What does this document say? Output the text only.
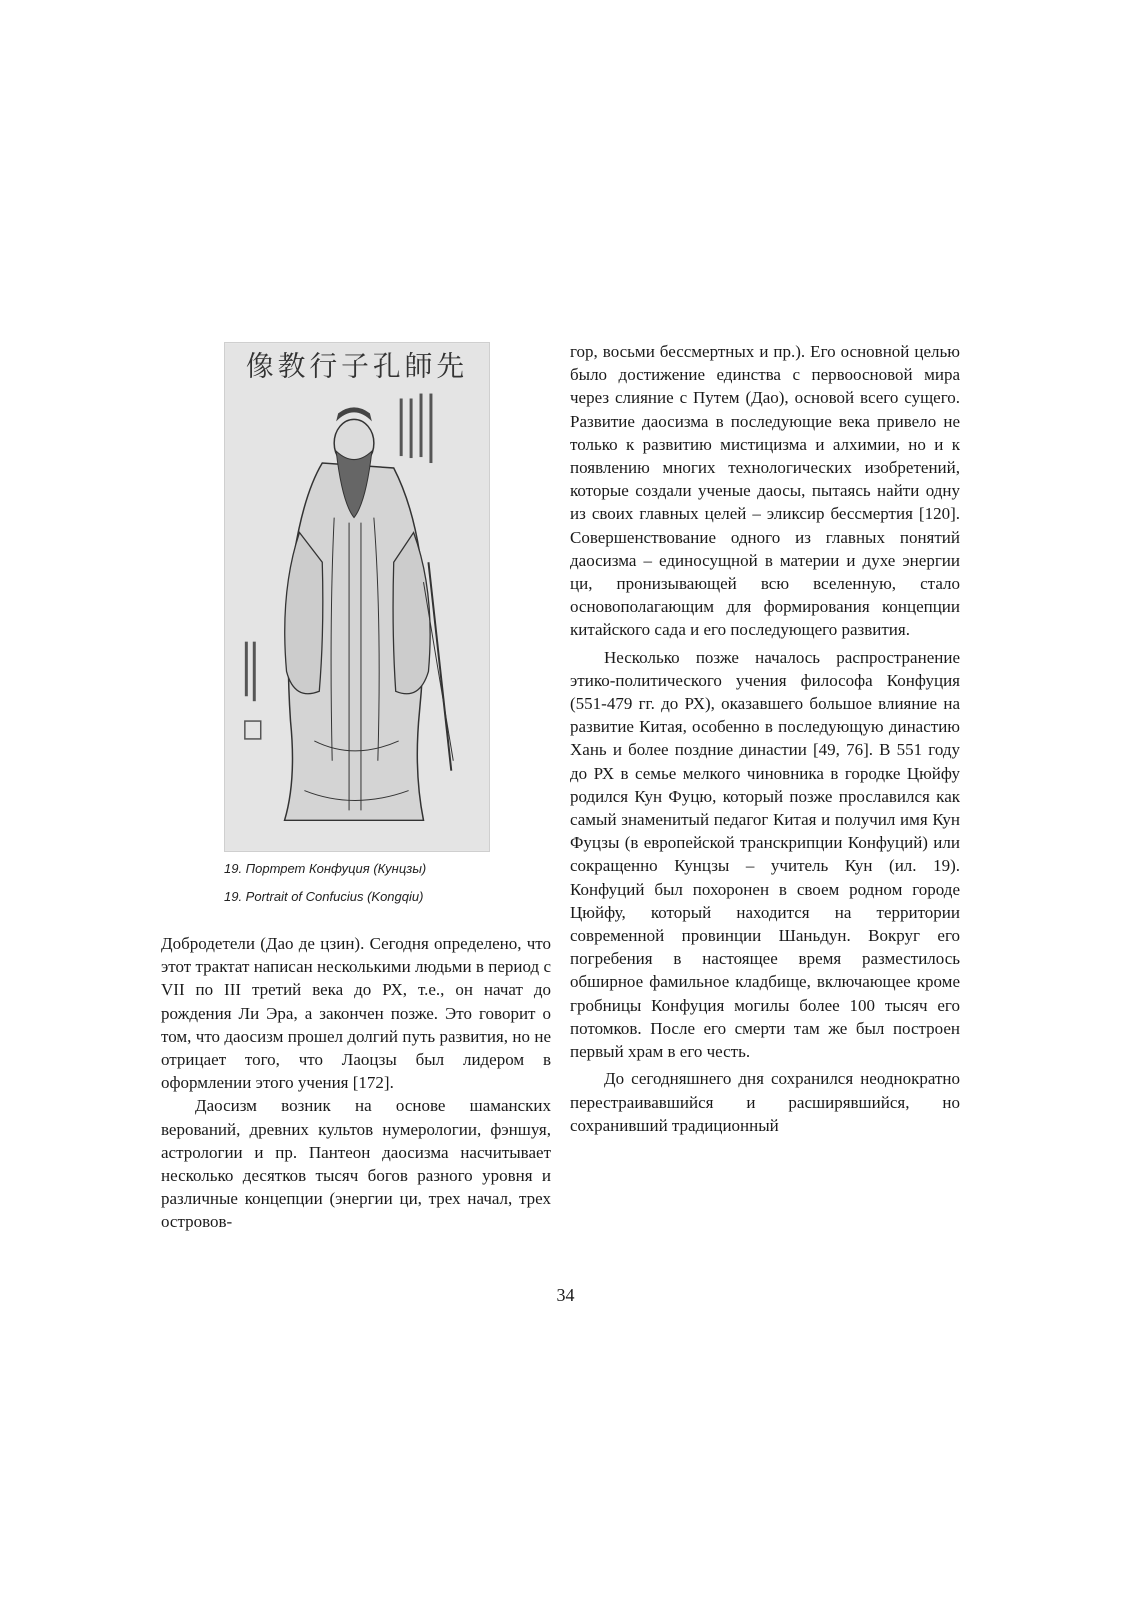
像教行子孔師先
19. Портрет Конфуция (Кунцзы)
19. Portrait of Confucius (Kongqiu)

Добродетели (Дао де цзин). Сегодня определено, что этот трактат написан несколькими людьми в период с VII по III третий века до РХ, т.е., он начат до рождения Ли Эра, а закончен позже. Это говорит о том, что даосизм прошел долгий путь развития, но не отрицает того, что Лаоцзы был лидером в оформлении этого учения [172].

Даосизм возник на основе шаманских верований, древних культов нумерологии, фэншуя, астрологии и пр. Пантеон даосизма насчитывает несколько десятков тысяч богов разного уровня и различные концепции (энергии ци, трех начал, трех островов-

гор, восьми бессмертных и пр.). Его основной целью было достижение единства с первоосновой мира через слияние с Путем (Дао), основой всего сущего. Развитие даосизма в последующие века привело не только к развитию мистицизма и алхимии, но и к появлению многих технологических изобретений, которые создали ученые даосы, пытаясь найти одну из своих главных целей – эликсир бессмертия [120]. Совершенствование одного из главных понятий даосизма – единосущной в материи и духе энергии ци, пронизывающей всю вселенную, стало основополагающим для формирования концепции китайского сада и его последующего развития.

Несколько позже началось распространение этико-политического учения философа Конфуция (551-479 гг. до РХ), оказавшего большое влияние на развитие Китая, особенно в последующую династию Хань и более поздние династии [49, 76]. В 551 году до РХ в семье мелкого чиновника в городке Цюйфу родился Кун Фуцю, который позже прославился как самый знаменитый педагог Китая и получил имя Кун Фуцзы (в европейской транскрипции Конфуций) или сокращенно Кунцзы – учитель Кун (ил. 19). Конфуций был похоронен в своем родном городе Цюйфу, который находится на территории современной провинции Шаньдун. Вокруг его погребения в настоящее время разместилось обширное фамильное кладбище, включающее кроме гробницы Конфуция могилы более 100 тысяч его потомков. После его смерти там же был построен первый храм в его честь.

До сегодняшнего дня сохранился неоднократно перестраивавшийся и расширявшийся, но сохранивший традиционный

34
